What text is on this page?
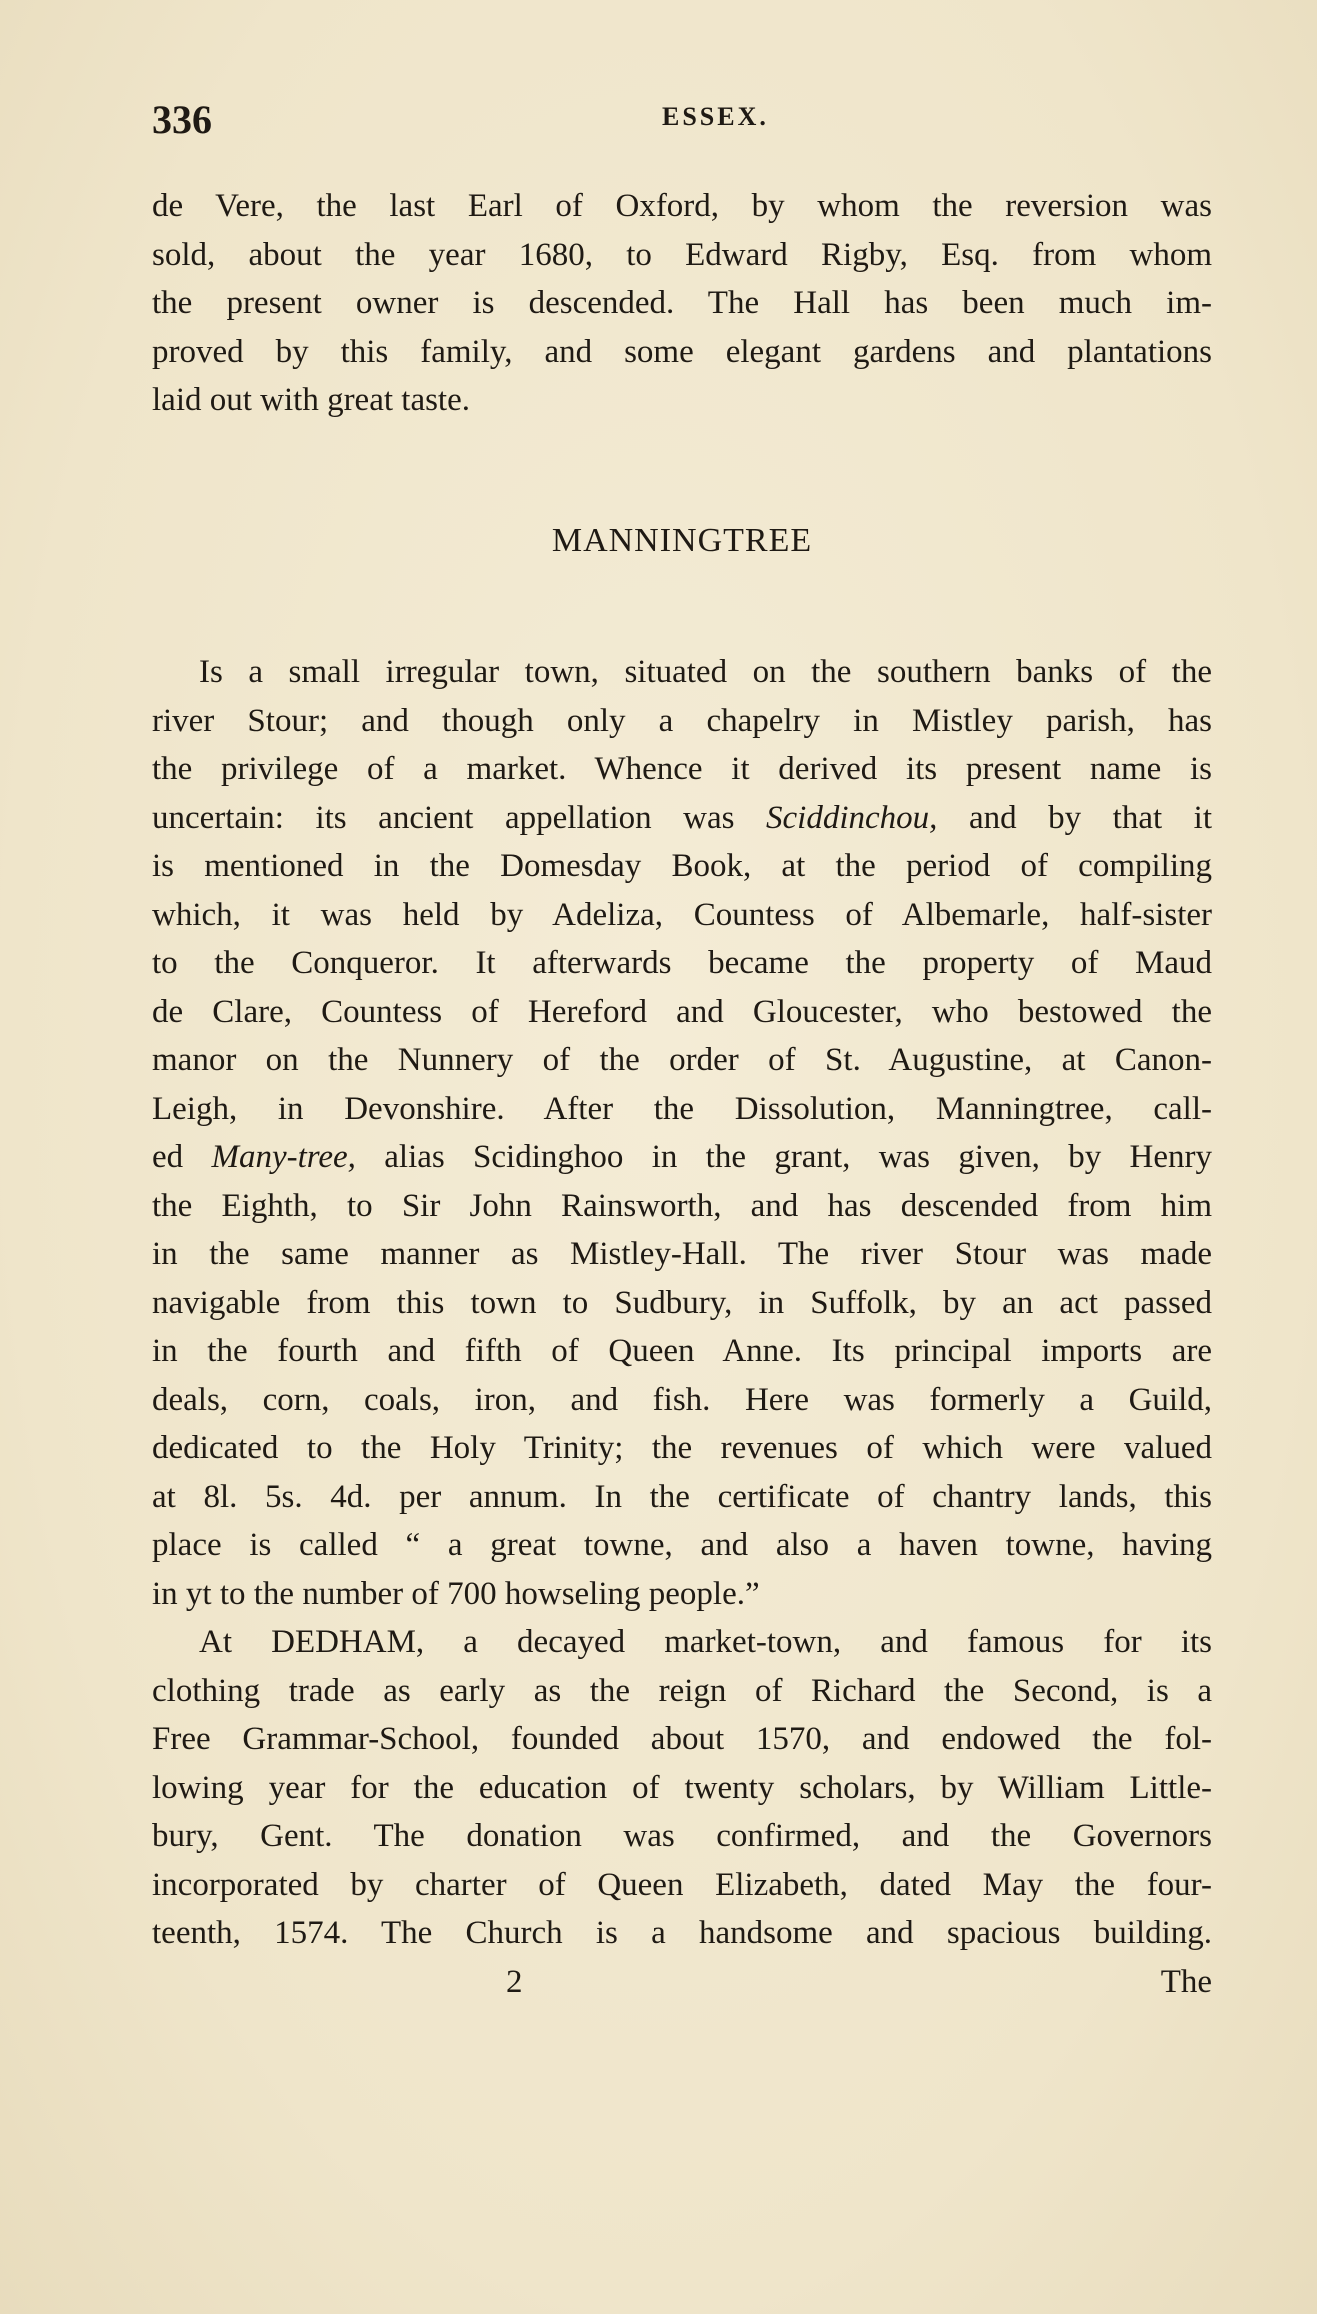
336	ESSEX.
de Vere, the last Earl of Oxford, by whom the reversion was
sold, about the year 1680, to Edward Rigby, Esq. from whom
the present owner is descended. The Hall has been much im-
proved by this family, and some elegant gardens and plantations
laid out with great taste.
MANNINGTREE
Is a small irregular town, situated on the southern banks of the
river Stour; and though only a chapelry in Mistley parish, has
the privilege of a market. Whence it derived its present name is
uncertain: its ancient appellation was Sciddinchou, and by that it
is mentioned in the Domesday Book, at the period of compiling
which, it was held by Adeliza, Countess of Albemarle, half-sister
to the Conqueror. It afterwards became the property of Maud
de Clare, Countess of Hereford and Gloucester, who bestowed the
manor on the Nunnery of the order of St. Augustine, at Canon-
Leigh, in Devonshire. After the Dissolution, Manningtree, call-
ed Many-tree, alias Scidinghoo in the grant, was given, by Henry
the Eighth, to Sir John Rainsworth, and has descended from him
in the same manner as Mistley-Hall. The river Stour was made
navigable from this town to Sudbury, in Suffolk, by an act passed
in the fourth and fifth of Queen Anne. Its principal imports are
deals, corn, coals, iron, and fish. Here was formerly a Guild,
dedicated to the Holy Trinity; the revenues of which were valued
at 8l. 5s. 4d. per annum. In the certificate of chantry lands, this
place is called “ a great towne, and also a haven towne, having
in yt to the number of 700 howseling people.”
At DEDHAM, a decayed market-town, and famous for its
clothing trade as early as the reign of Richard the Second, is a
Free Grammar-School, founded about 1570, and endowed the fol-
lowing year for the education of twenty scholars, by William Little-
bury, Gent. The donation was confirmed, and the Governors
incorporated by charter of Queen Elizabeth, dated May the four-
teenth, 1574. The Church is a handsome and spacious building.
2	The
